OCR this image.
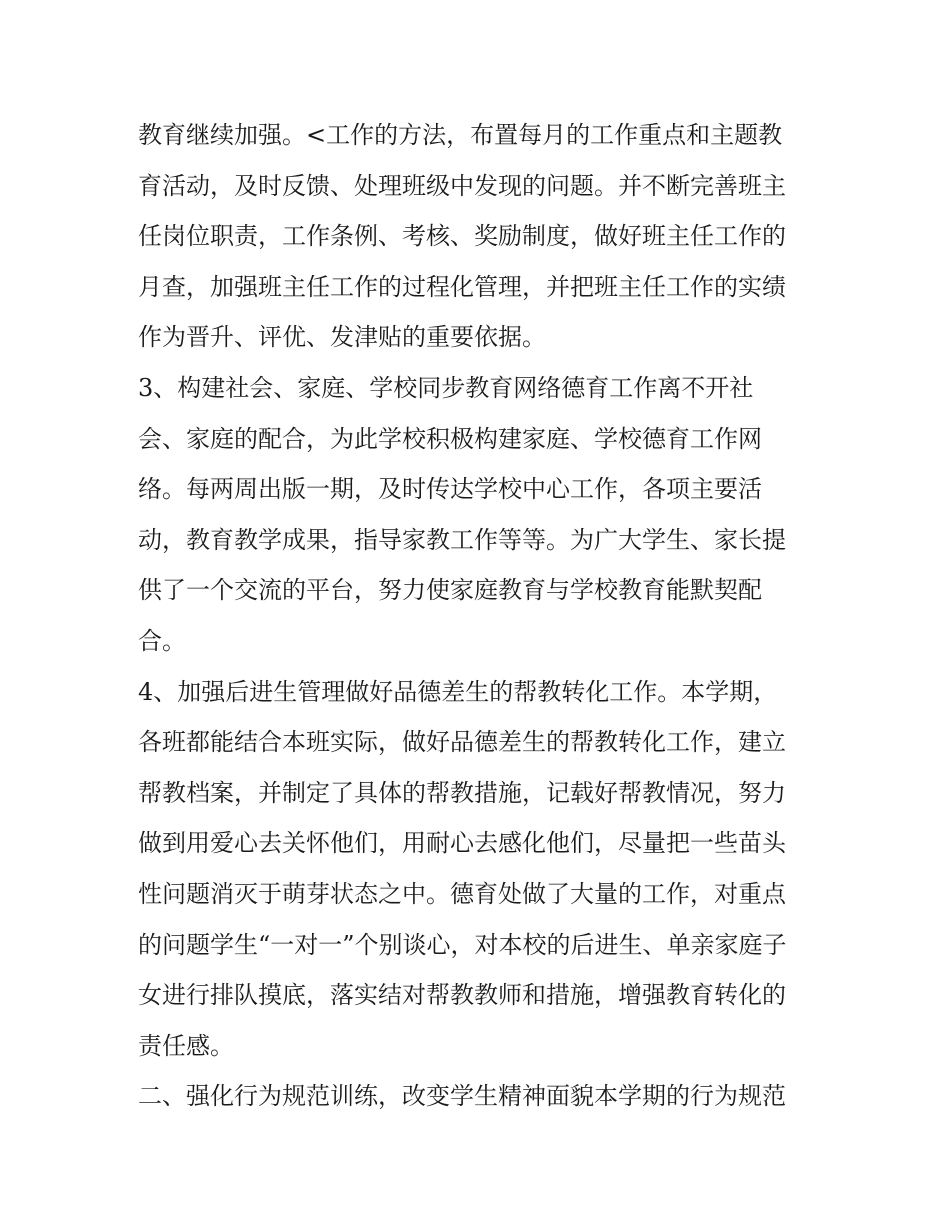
教育继续加强。<工作的方法，布置每月的工作重点和主题教
育活动，及时反馈、处理班级中发现的问题。并不断完善班主
任岗位职责，工作条例、考核、奖励制度，做好班主任工作的
月查，加强班主任工作的过程化管理，并把班主任工作的实绩
作为晋升、评优、发津贴的重要依据。
3、构建社会、家庭、学校同步教育网络德育工作离不开社
会、家庭的配合，为此学校积极构建家庭、学校德育工作网
络。每两周出版一期，及时传达学校中心工作，各项主要活
动，教育教学成果，指导家教工作等等。为广大学生、家长提
供了一个交流的平台，努力使家庭教育与学校教育能默契配
合。
4、加强后进生管理做好品德差生的帮教转化工作。本学期，
各班都能结合本班实际，做好品德差生的帮教转化工作，建立
帮教档案，并制定了具体的帮教措施，记载好帮教情况，努力
做到用爱心去关怀他们，用耐心去感化他们，尽量把一些苗头
性问题消灭于萌芽状态之中。德育处做了大量的工作，对重点
的问题学生“一对一”个别谈心，对本校的后进生、单亲家庭子
女进行排队摸底，落实结对帮教教师和措施，增强教育转化的
责任感。
二、强化行为规范训练，改变学生精神面貌本学期的行为规范
